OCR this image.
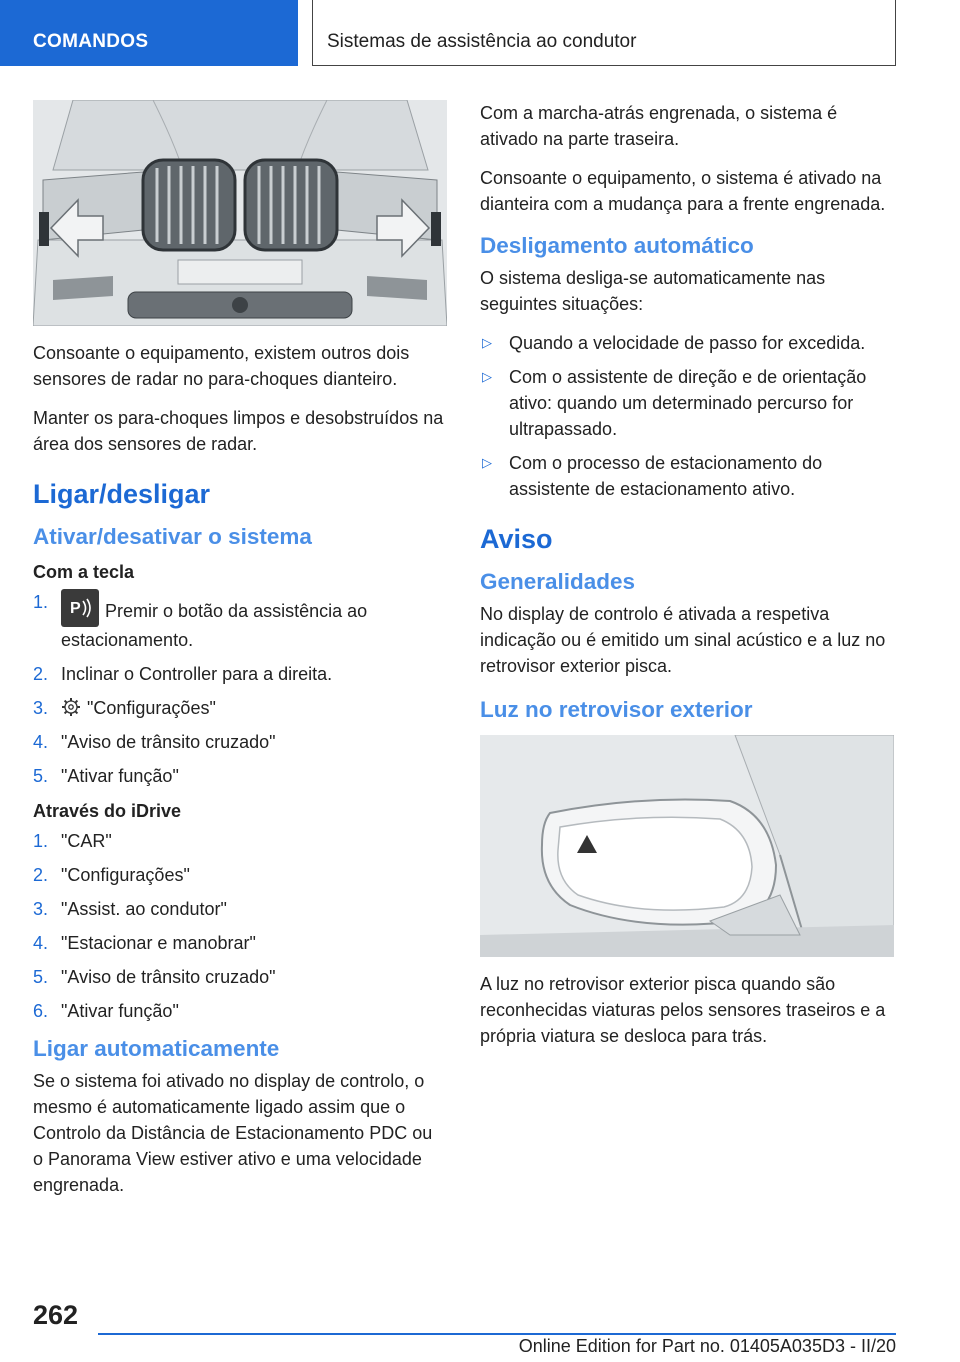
COMANDOS	Sistemas de assistência ao condutor

Consoante o equipamento, existem outros dois sensores de radar no para-choques dianteiro.

Manter os para-choques limpos e desobstruídos na área dos sensores de radar.

Ligar/desligar
Ativar/desativar o sistema
Com a tecla
1. P Premir o botão da assistência ao estacionamento.
2. Inclinar o Controller para a direita.
3. "Configurações"
4. "Aviso de trânsito cruzado"
5. "Ativar função"
Através do iDrive
1. "CAR"
2. "Configurações"
3. "Assist. ao condutor"
4. "Estacionar e manobrar"
5. "Aviso de trânsito cruzado"
6. "Ativar função"
Ligar automaticamente

Se o sistema foi ativado no display de controlo, o mesmo é automaticamente ligado assim que o Controlo da Distância de Estacionamento PDC ou o Panorama View estiver ativo e uma velocidade engrenada.

Com a marcha-atrás engrenada, o sistema é ativado na parte traseira.

Consoante o equipamento, o sistema é ativado na dianteira com a mudança para a frente engrenada.

Desligamento automático

O sistema desliga-se automaticamente nas seguintes situações:

▷ Quando a velocidade de passo for excedida.
▷ Com o assistente de direção e de orientação ativo: quando um determinado percurso for ultrapassado.
▷ Com o processo de estacionamento do assistente de estacionamento ativo.
Aviso
Generalidades

No display de controlo é ativada a respetiva indicação ou é emitido um sinal acústico e a luz no retrovisor exterior pisca.

Luz no retrovisor exterior

A luz no retrovisor exterior pisca quando são reconhecidas viaturas pelos sensores traseiros e a própria viatura se desloca para trás.

262
Online Edition for Part no. 01405A035D3 - II/20
